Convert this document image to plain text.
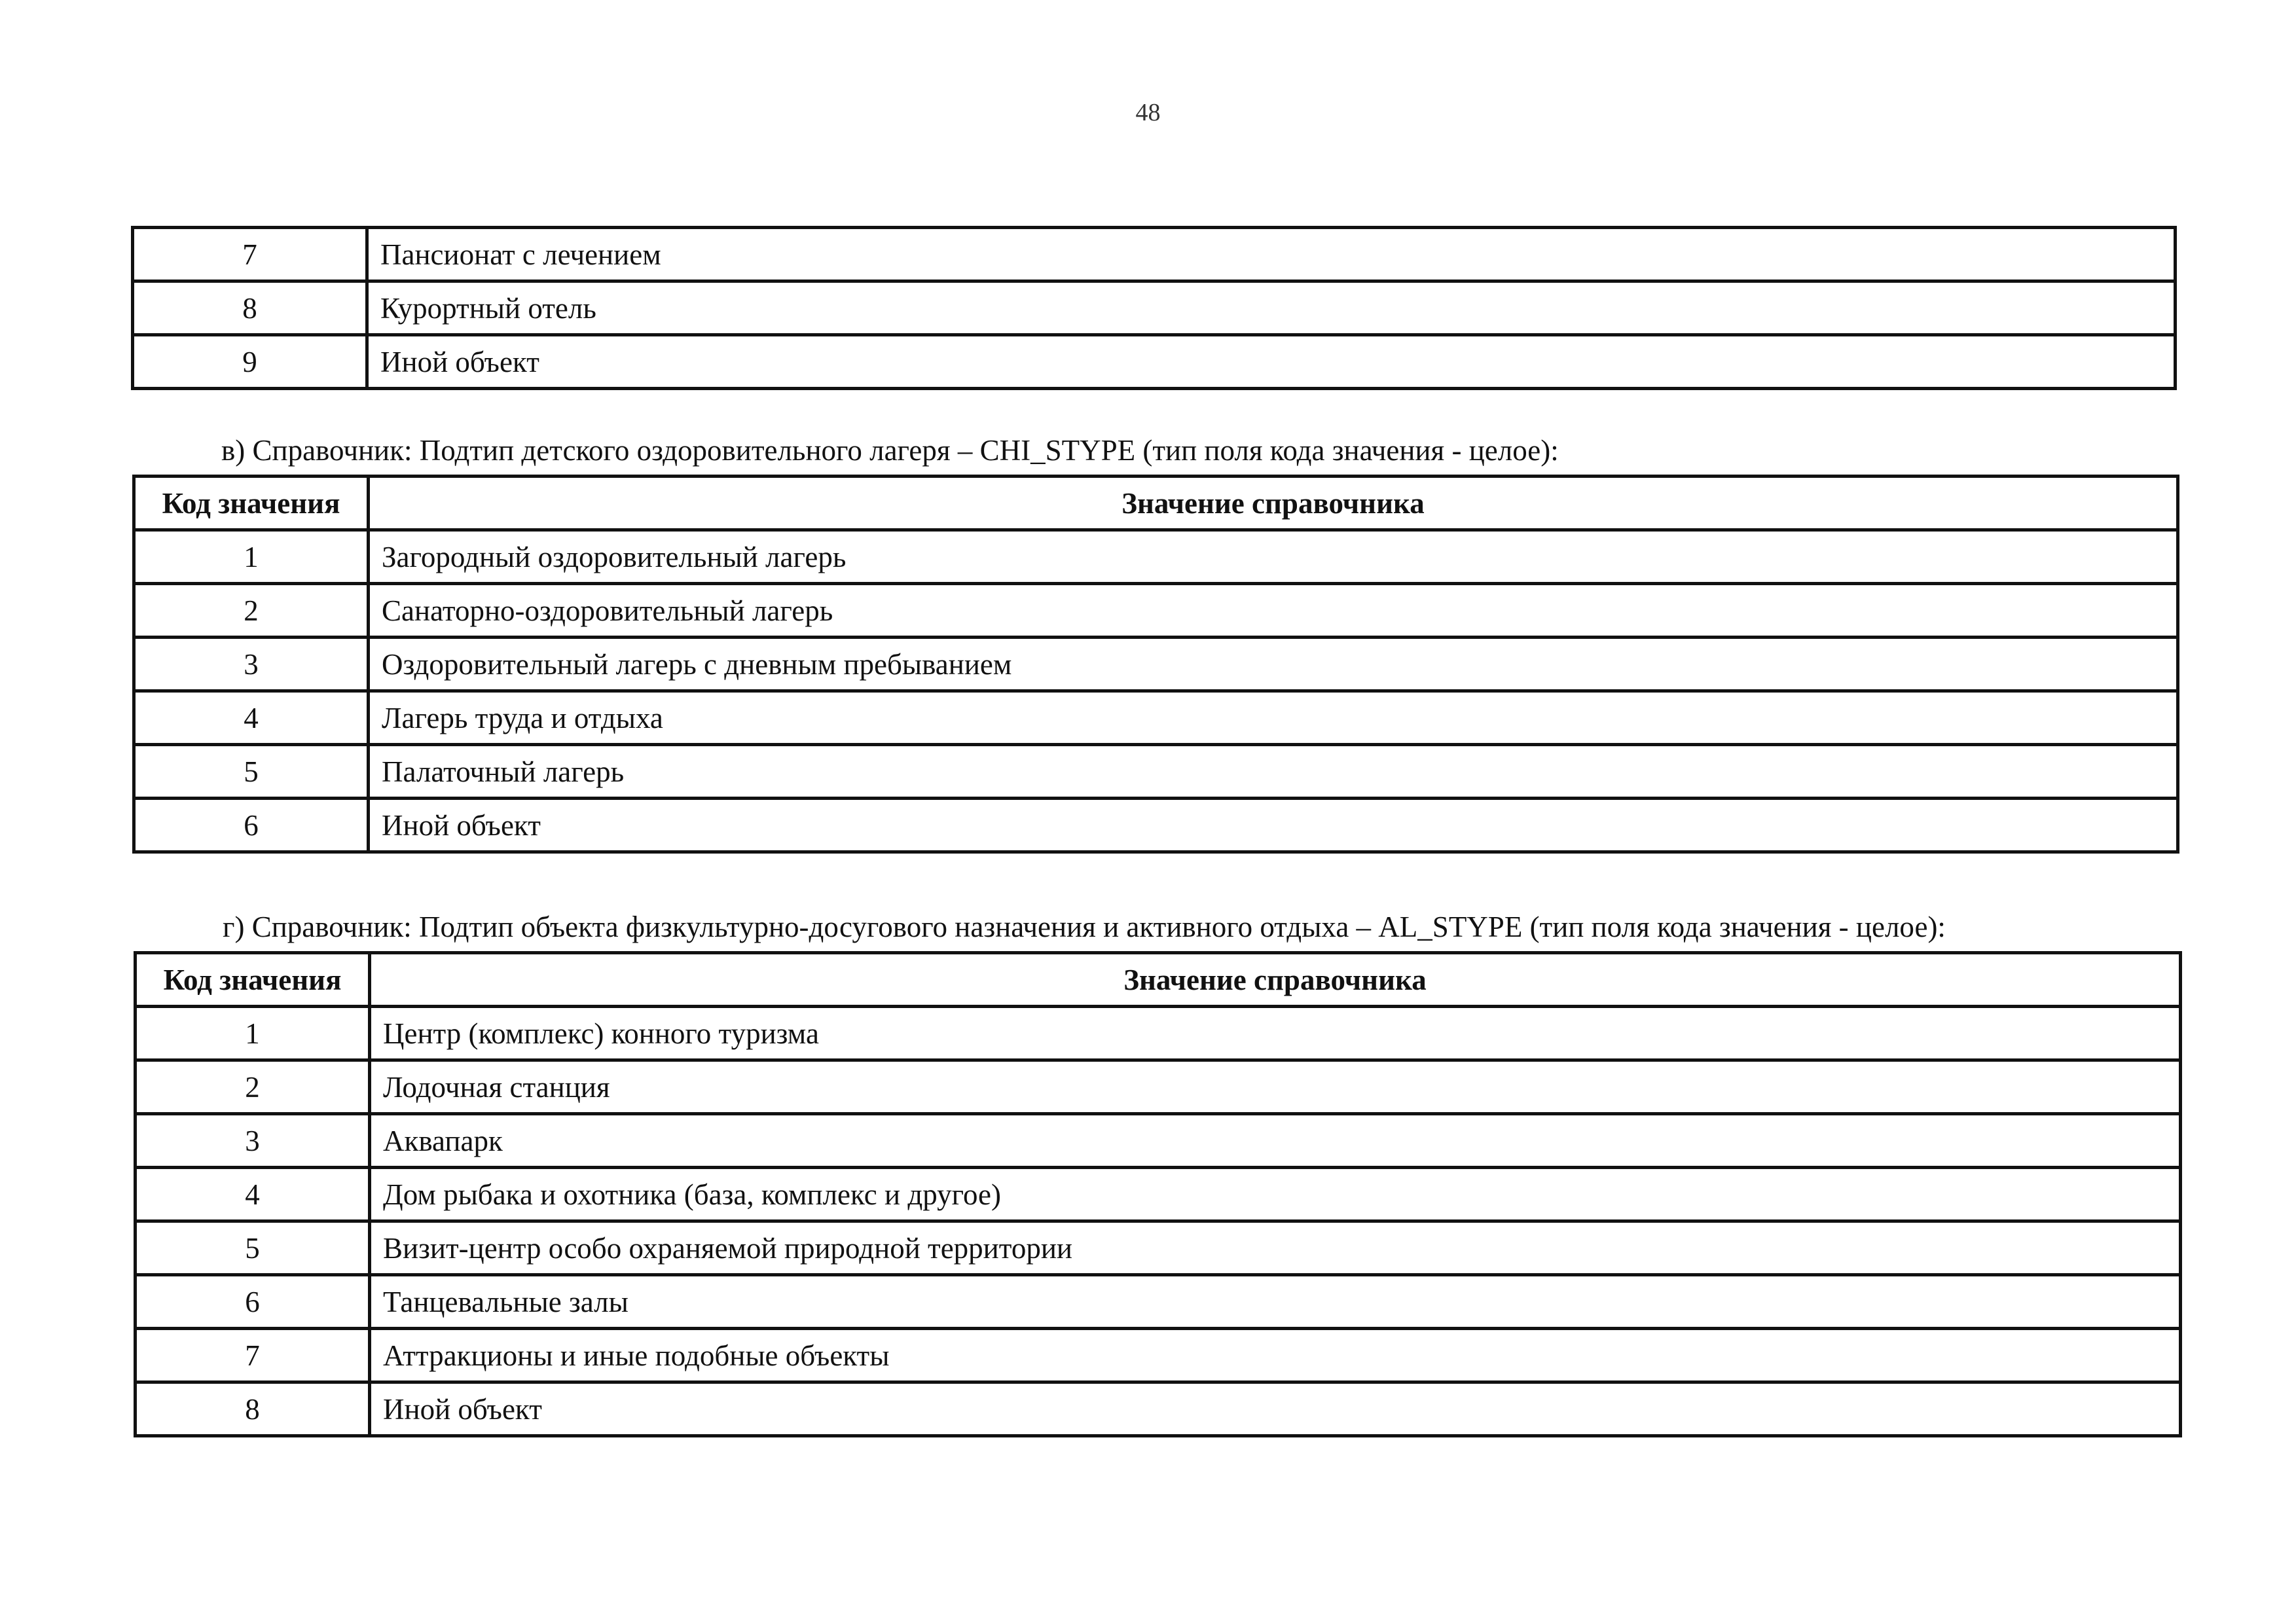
48
7	Пансионат с лечением
8	Курортный отель
9	Иной объект
в) Справочник: Подтип детского оздоровительного лагеря – CHI_STYPE (тип поля кода значения - целое):
Код значения	Значение справочника
1	Загородный оздоровительный лагерь
2	Санаторно-оздоровительный лагерь
3	Оздоровительный лагерь с дневным пребыванием
4	Лагерь труда и отдыха
5	Палаточный лагерь
6	Иной объект
г) Справочник: Подтип объекта физкультурно-досугового назначения и активного отдыха – AL_STYPE (тип поля кода значения - целое):
Код значения	Значение справочника
1	Центр (комплекс) конного туризма
2	Лодочная станция
3	Аквапарк
4	Дом рыбака и охотника (база, комплекс и другое)
5	Визит-центр особо охраняемой природной территории
6	Танцевальные залы
7	Аттракционы и иные подобные объекты
8	Иной объект
